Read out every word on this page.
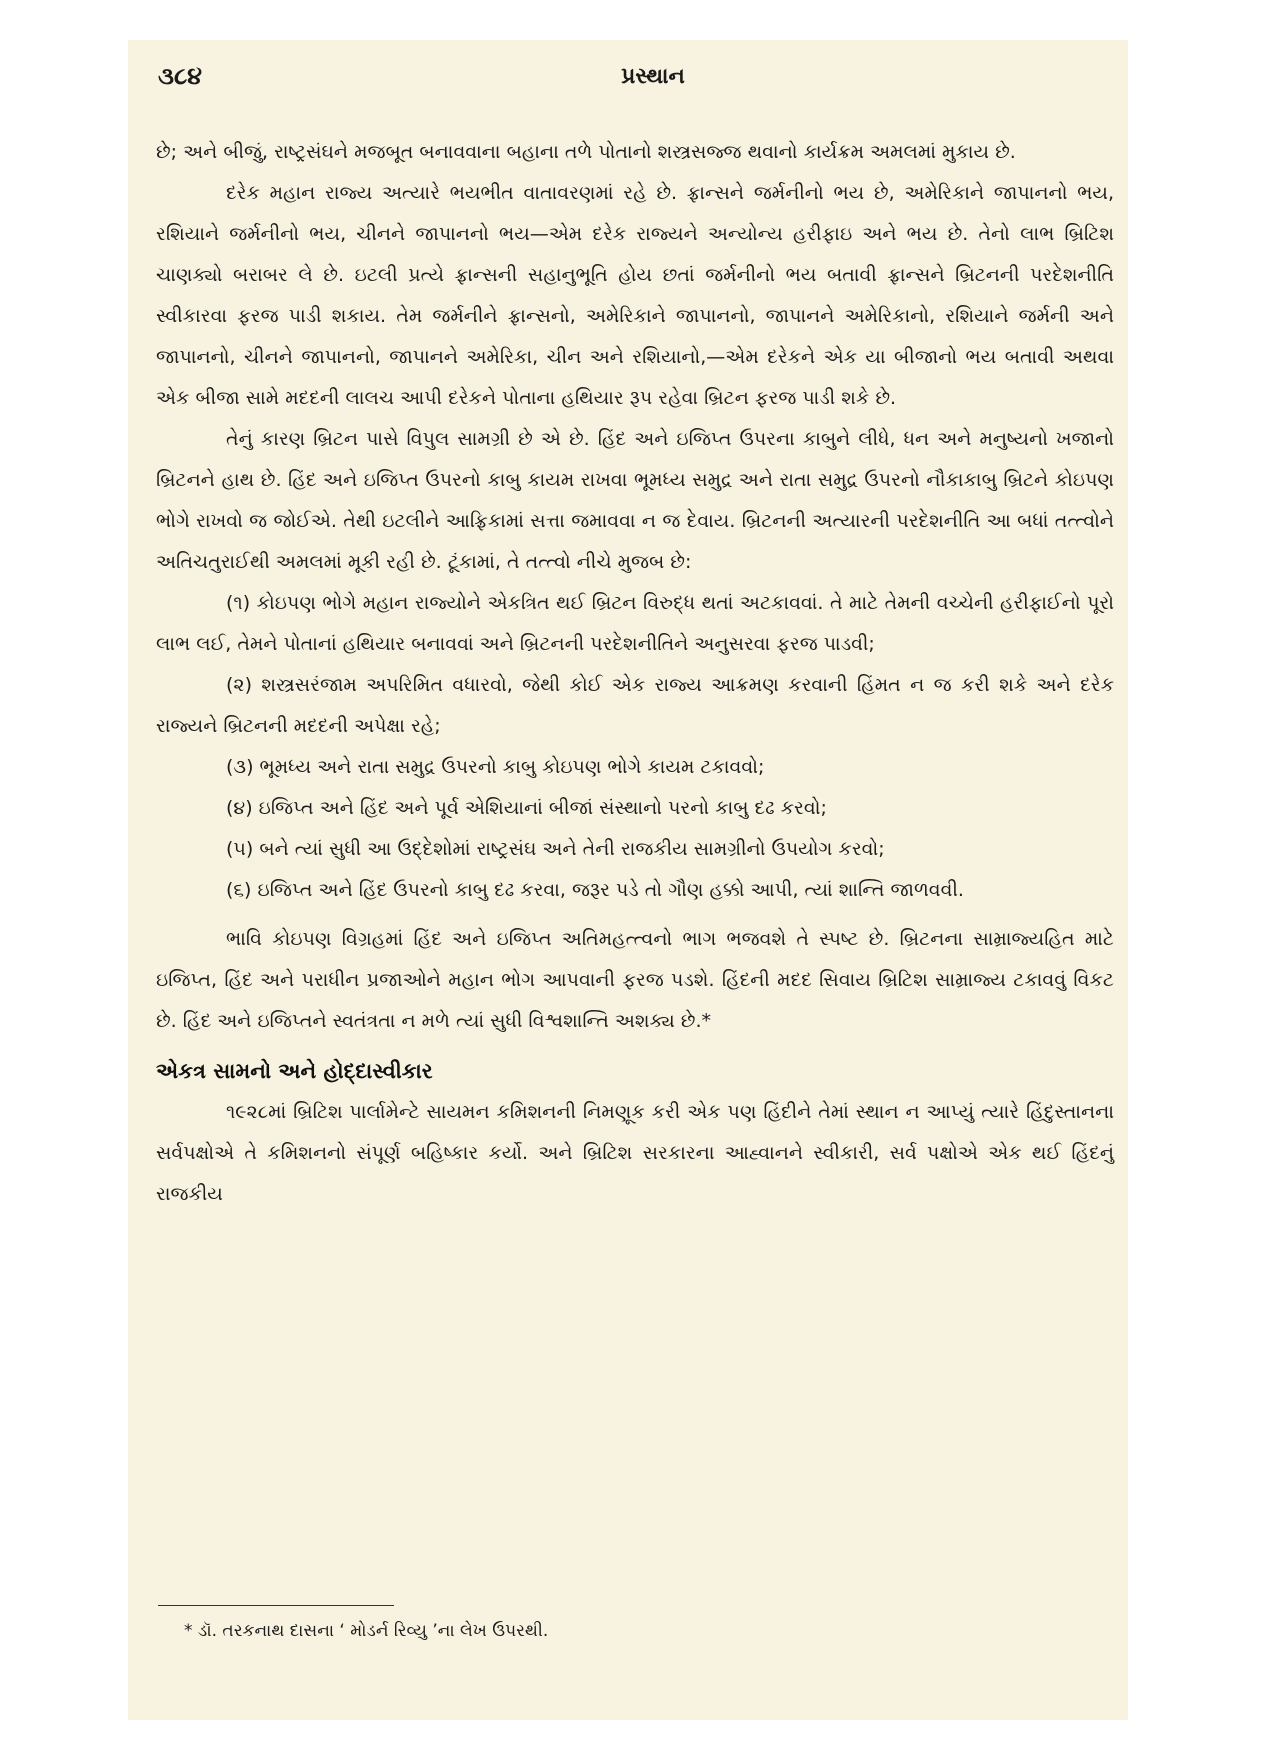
૩૮૪	પ્રસ્થાન

છે; અને બીજું, રાષ્ટ્રસંઘને મજબૂત બનાવવાના બહાના તળે પોતાનો શસ્ત્રસજ્જ થવાનો કાર્યક્રમ અમલમાં મુકાય છે.

દરેક મહાન રાજ્ય અત્યારે ભયભીત વાતાવરણમાં રહે છે. ફ્રાન્સને જર્મનીનો ભય છે, અમેરિકાને જાપાનનો ભય, રશિયાને જર્મનીનો ભય, ચીનને જાપાનનો ભય—એમ દરેક રાજ્યને અન્યોન્ય હરીફાઇ અને ભય છે. તેનો લાભ બ્રિટિશ ચાણક્યો બરાબર લે છે. ઇટલી પ્રત્યે ફ્રાન્સની સહાનુભૂતિ હોય છતાં જર્મનીનો ભય બતાવી ફ્રાન્સને બ્રિટનની પરદેશનીતિ સ્વીકારવા ફરજ પાડી શકાય. તેમ જર્મનીને ફ્રાન્સનો, અમેરિકાને જાપાનનો, જાપાનને અમેરિકાનો, રશિયાને જર્મની અને જાપાનનો, ચીનને જાપાનનો, જાપાનને અમેરિકા, ચીન અને રશિયાનો,—એમ દરેકને એક યા બીજાનો ભય બતાવી અથવા એક બીજા સામે મદદની લાલચ આપી દરેકને પોતાના હથિયાર રૂપ રહેવા બ્રિટન ફરજ પાડી શકે છે.

તેનું કારણ બ્રિટન પાસે વિપુલ સામગ્રી છે એ છે. હિંદ અને ઇજિપ્ત ઉપરના કાબુને લીધે, ધન અને મનુષ્યનો ખજાનો બ્રિટનને હાથ છે. હિંદ અને ઇજિપ્ત ઉપરનો કાબુ કાયમ રાખવા ભૂમધ્ય સમુદ્ર અને રાતા સમુદ્ર ઉપરનો નૌકાકાબુ બ્રિટને કોઇપણ ભોગે રાખવો જ જોઈએ. તેથી ઇટલીને આફ્રિકામાં સત્તા જમાવવા ન જ દેવાય. બ્રિટનની અત્યારની પરદેશનીતિ આ બધાં તત્ત્વોને અતિચતુરાઈથી અમલમાં મૂકી રહી છે. ટૂંકામાં, તે તત્ત્વો નીચે મુજબ છે:

(૧) કોઇપણ ભોગે મહાન રાજ્યોને એકત્રિત થઈ બ્રિટન વિરુદ્ધ થતાં અટકાવવાં. તે માટે તેમની વચ્ચેની હરીફાઈનો પૂરો લાભ લઈ, તેમને પોતાનાં હથિયાર બનાવવાં અને બ્રિટનની પરદેશનીતિને અનુસરવા ફરજ પાડવી;

(૨) શસ્ત્રસરંજામ અપરિમિત વધારવો, જેથી કોઈ એક રાજ્ય આક્રમણ કરવાની હિંમત ન જ કરી શકે અને દરેક રાજ્યને બ્રિટનની મદદની અપેક્ષા રહે;

(૩) ભૂમધ્ય અને રાતા સમુદ્ર ઉપરનો કાબુ કોઇપણ ભોગે કાયમ ટકાવવો;

(૪) ઇજિપ્ત અને હિંદ અને પૂર્વ એશિયાનાં બીજાં સંસ્થાનો પરનો કાબુ દઢ કરવો;

(૫) બને ત્યાં સુધી આ ઉદ્દેશોમાં રાષ્ટ્રસંઘ અને તેની રાજકીય સામગ્રીનો ઉપયોગ કરવો;

(૬) ઇજિપ્ત અને હિંદ ઉપરનો કાબુ દઢ કરવા, જરૂર પડે તો ગૌણ હક્કો આપી, ત્યાં શાન્તિ જાળવવી.

ભાવિ કોઇપણ વિગ્રહમાં હિંદ અને ઇજિપ્ત અતિમહત્ત્વનો ભાગ ભજવશે તે સ્પષ્ટ છે. બ્રિટનના સામ્રાજ્યહિત માટે ઇજિપ્ત, હિંદ અને પરાધીન પ્રજાઓને મહાન ભોગ આપવાની ફરજ પડશે. હિંદની મદદ સિવાય બ્રિટિશ સામ્રાજ્ય ટકાવવું વિકટ છે. હિંદ અને ઇજિપ્તને સ્વતંત્રતા ન મળે ત્યાં સુધી વિશ્વશાન્તિ અશક્ય છે.*

એકત્ર સામનો અને હોદ્દાસ્વીકાર

૧૯૨૮માં બ્રિટિશ પાર્લામેન્ટે સાયમન કમિશનની નિમણૂક કરી એક પણ હિંદીને તેમાં સ્થાન ન આપ્યું ત્યારે હિંદુસ્તાનના સર્વપક્ષોએ તે કમિશનનો સંપૂર્ણ બહિષ્કાર કર્યો. અને બ્રિટિશ સરકારના આહ્વાનને સ્વીકારી, સર્વ પક્ષોએ એક થઈ હિંદનું રાજકીય

* ડૉ. તરકનાથ દાસના ‘ મોડર્ન રિવ્યુ ’ના લેખ ઉપરથી.
